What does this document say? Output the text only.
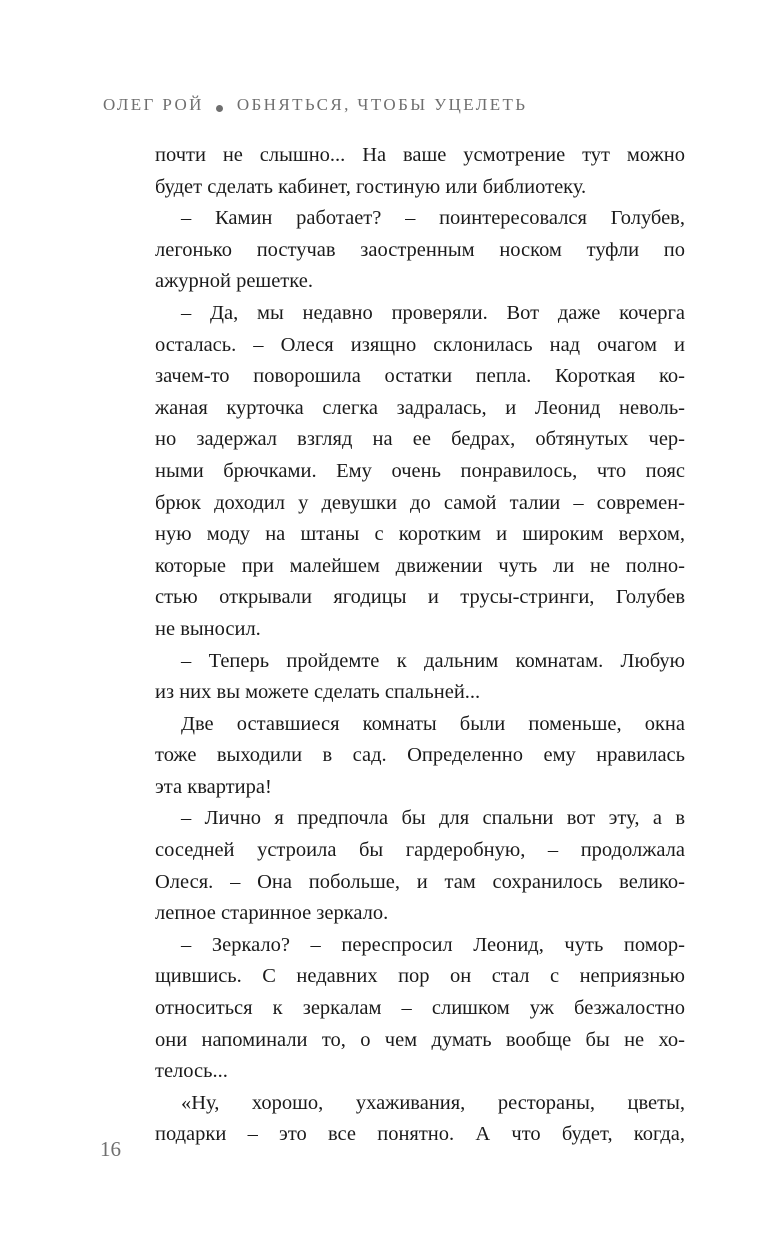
ОЛЕГ РОЙ ОБНЯТЬСЯ, ЧТОБЫ УЦЕЛЕТЬ
почти не слышно... На ваше усмотрение тут можно
будет сделать кабинет, гостиную или библиотеку.
– Камин работает? – поинтересовался Голубев,
легонько постучав заостренным носком туфли по
ажурной решетке.
– Да, мы недавно проверяли. Вот даже кочерга
осталась. – Олеся изящно склонилась над очагом и
зачем-то поворошила остатки пепла. Короткая ко-
жаная курточка слегка задралась, и Леонид неволь-
но задержал взгляд на ее бедрах, обтянутых чер-
ными брючками. Ему очень понравилось, что пояс
брюк доходил у девушки до самой талии – современ-
ную моду на штаны с коротким и широким верхом,
которые при малейшем движении чуть ли не полно-
стью открывали ягодицы и трусы-стринги, Голубев
не выносил.
– Теперь пройдемте к дальним комнатам. Любую
из них вы можете сделать спальней...
Две оставшиеся комнаты были поменьше, окна
тоже выходили в сад. Определенно ему нравилась
эта квартира!
– Лично я предпочла бы для спальни вот эту, а в
соседней устроила бы гардеробную, – продолжала
Олеся. – Она побольше, и там сохранилось велико-
лепное старинное зеркало.
– Зеркало? – переспросил Леонид, чуть помор-
щившись. С недавних пор он стал с неприязнью
относиться к зеркалам – слишком уж безжалостно
они напоминали то, о чем думать вообще бы не хо-
телось...
«Ну, хорошо, ухаживания, рестораны, цветы,
подарки – это все понятно. А что будет, когда,
16
